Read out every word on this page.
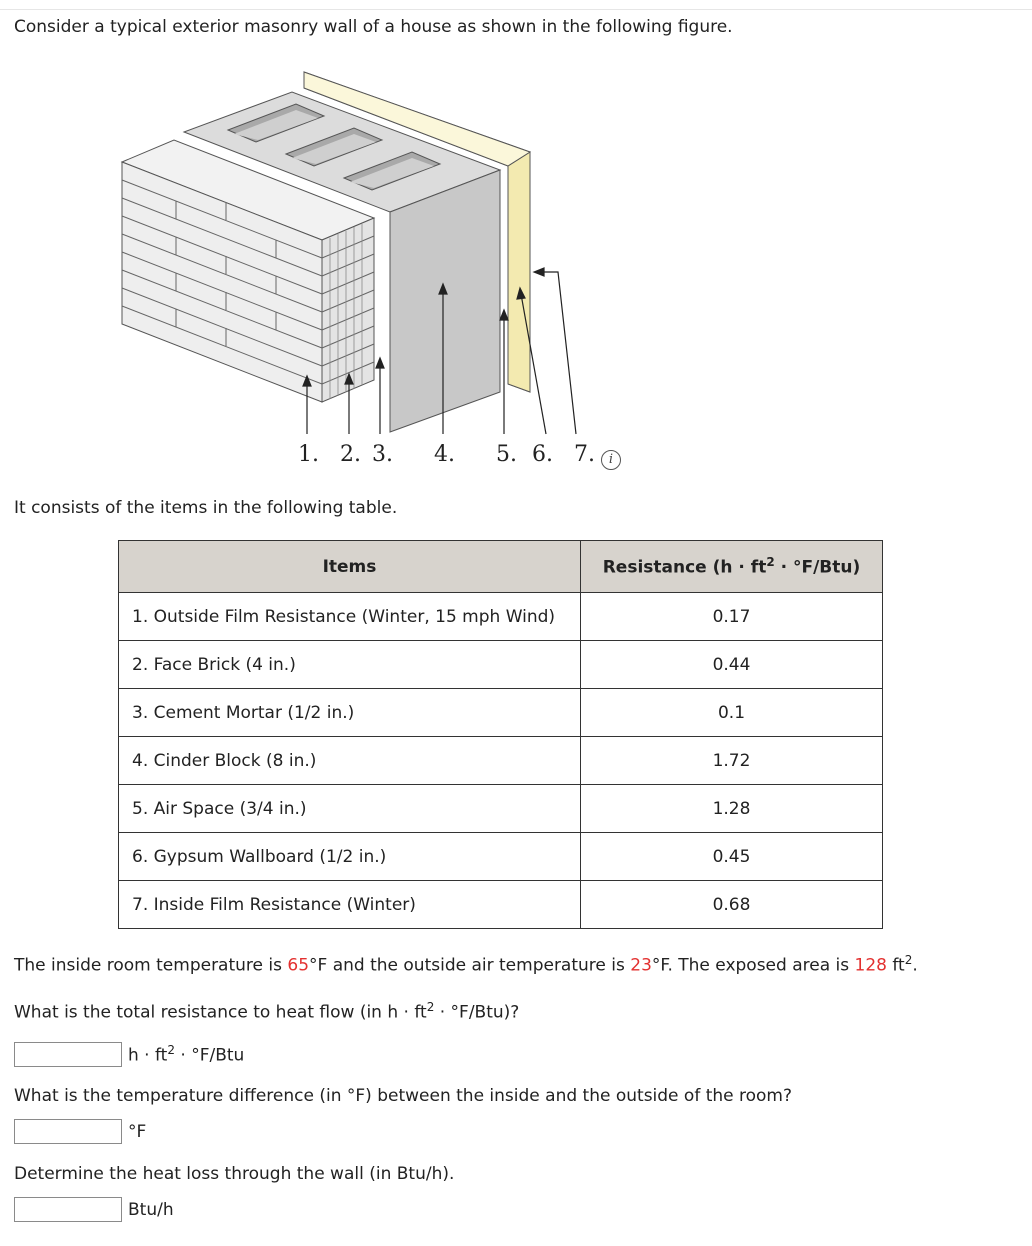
Consider a typical exterior masonry wall of a house as shown in the following figure.

1. 2. 3. 4. 5. 6. 7.	i

It consists of the items in the following table.

Items	Resistance $(h \cdot ft^2 \cdot ^\circ F/Btu)$
1. Outside Film Resistance (Winter, 15 mph Wind)	0.17
2. Face Brick (4 in.)	0.44
3. Cement Mortar (1/2 in.)	0.1
4. Cinder Block (8 in.)	1.72
5. Air Space (3/4 in.)	1.28
6. Gypsum Wallboard (1/2 in.)	0.45
7. Inside Film Resistance (Winter)	0.68

The inside room temperature is 65°F and the outside air temperature is 23°F. The exposed area is 128 $ft^2$.

What is the total resistance to heat flow (in $h \cdot ft^2 \cdot ^\circ F/Btu$)?

$h \cdot ft^2 \cdot ^\circ F/Btu$

What is the temperature difference (in °F) between the inside and the outside of the room?

°F

Determine the heat loss through the wall (in Btu/h).

Btu/h
